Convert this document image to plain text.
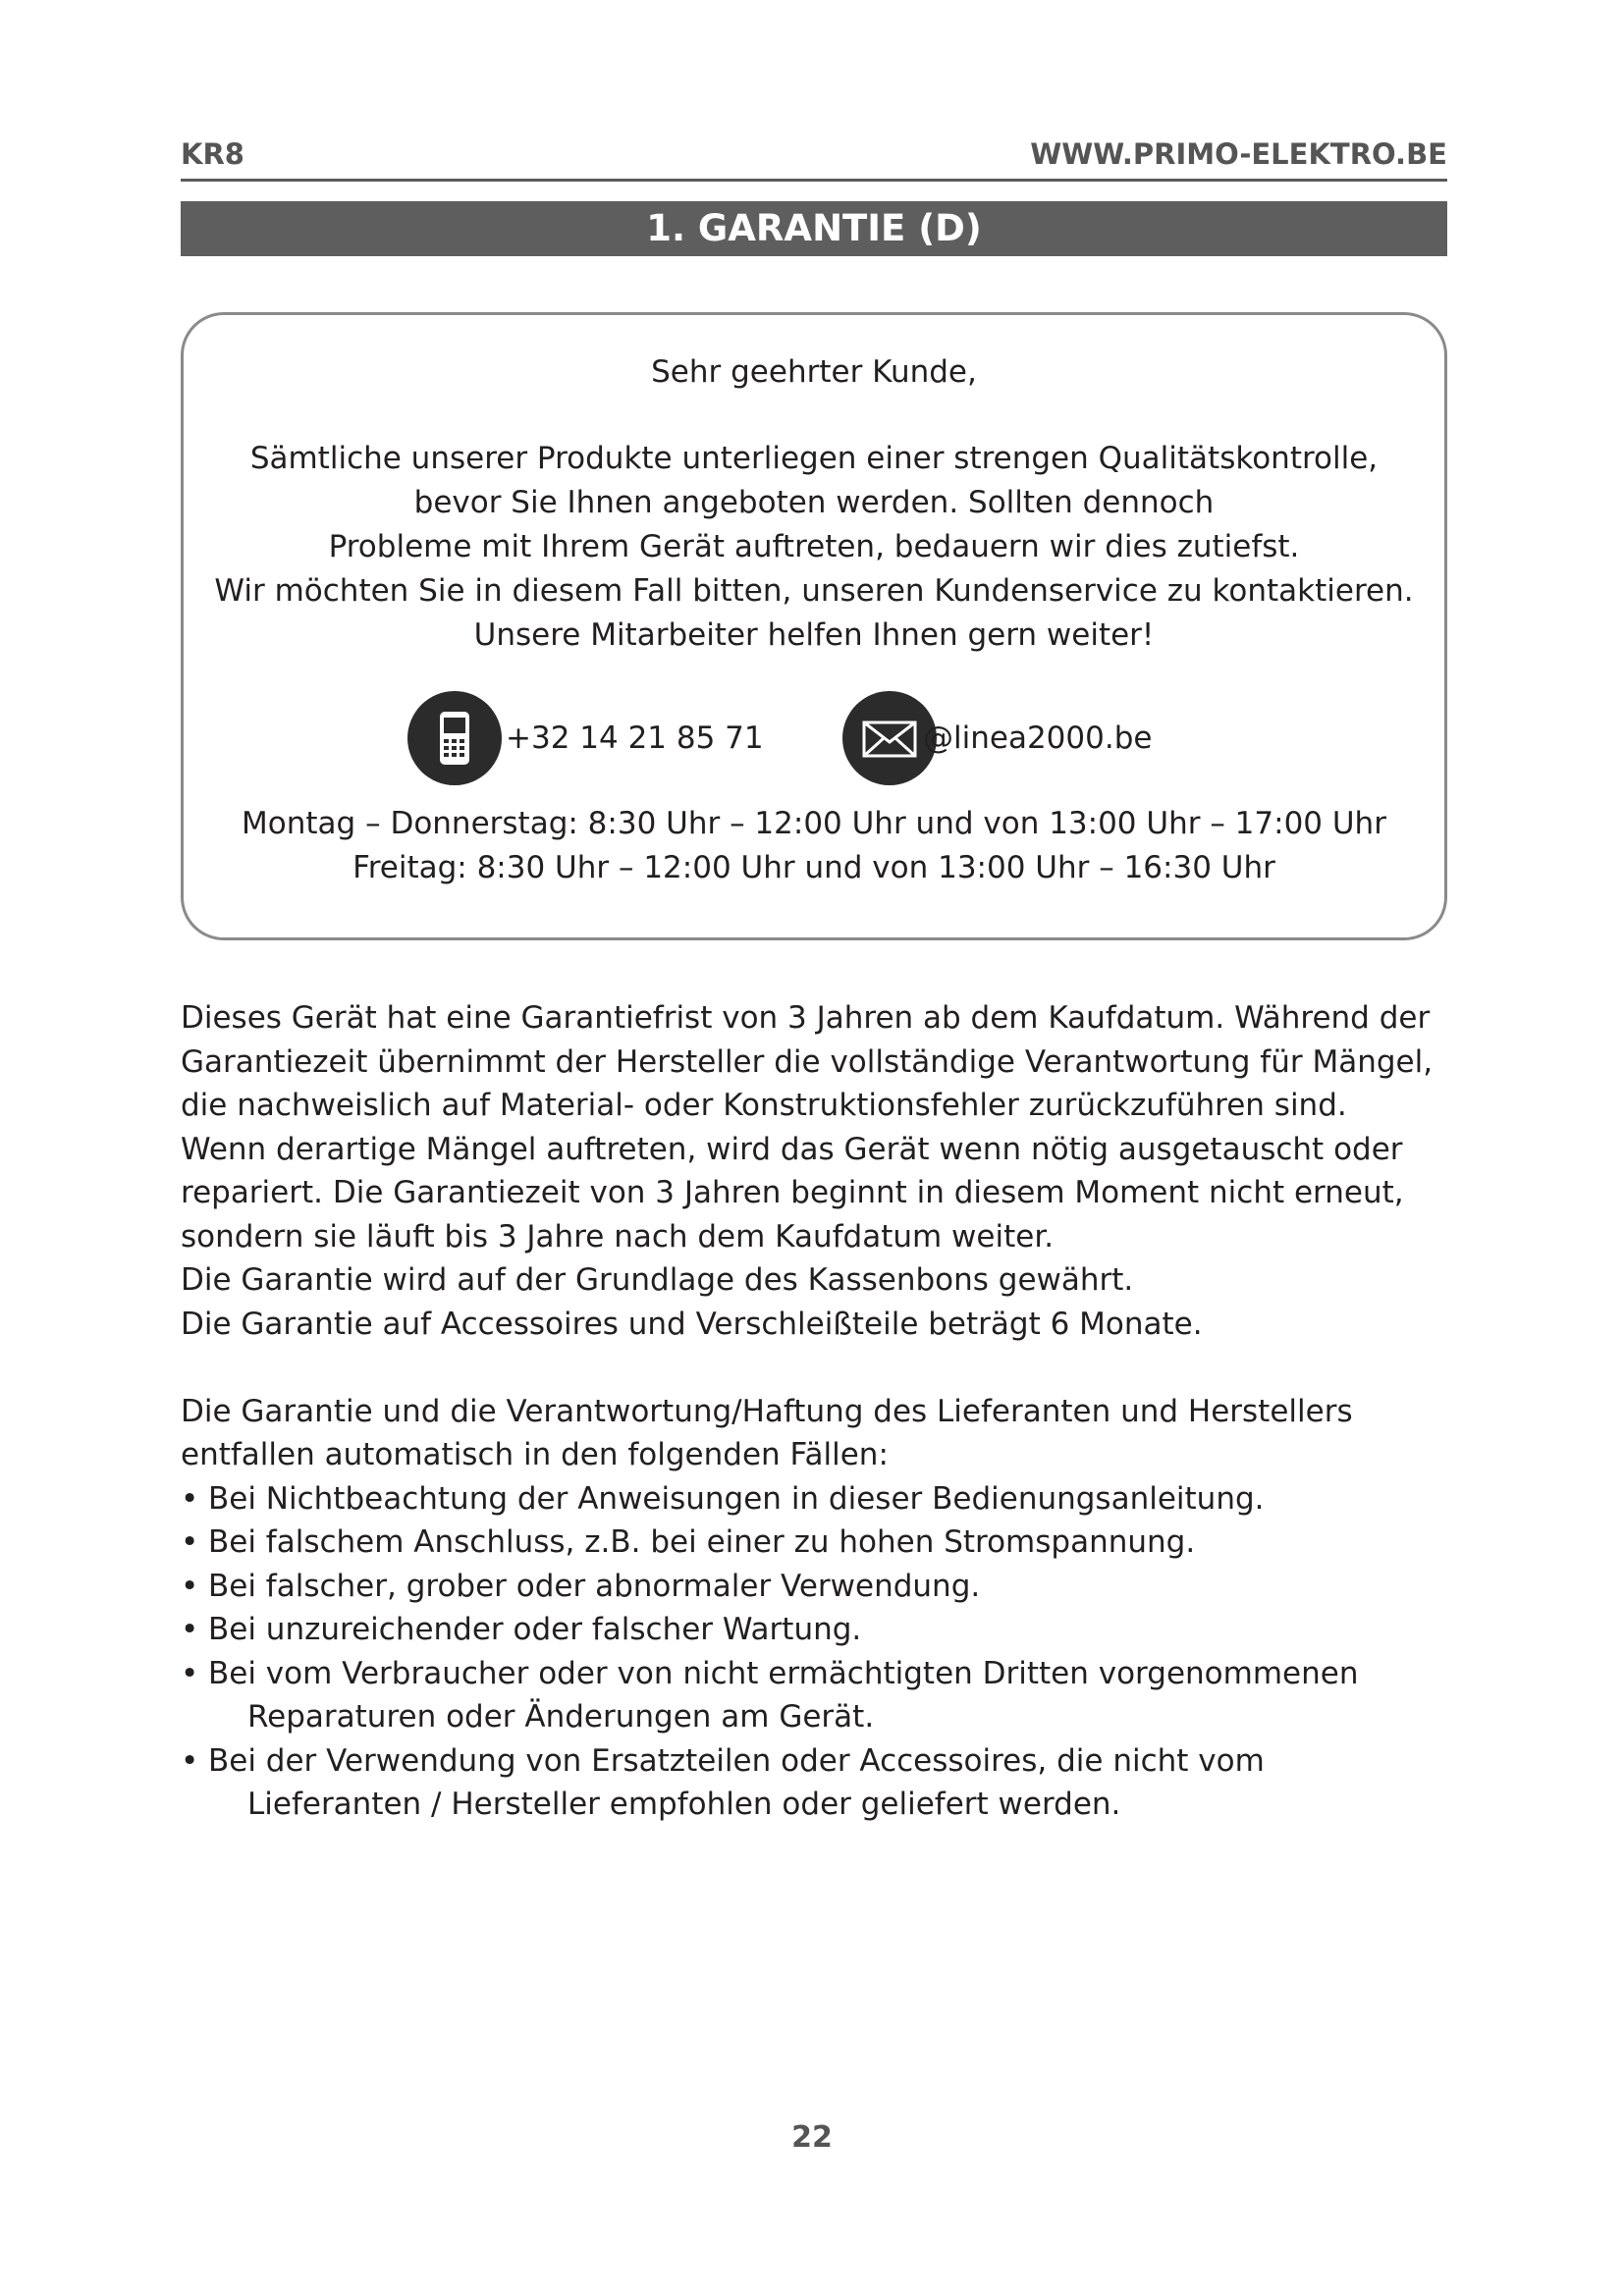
KR8	WWW.PRIMO-ELEKTRO.BE
1. GARANTIE (D)
Sehr geehrter Kunde,
Sämtliche unserer Produkte unterliegen einer strengen Qualitätskontrolle,
bevor Sie Ihnen angeboten werden. Sollten dennoch
Probleme mit Ihrem Gerät auftreten, bedauern wir dies zutiefst.
Wir möchten Sie in diesem Fall bitten, unseren Kundenservice zu kontaktieren.
Unsere Mitarbeiter helfen Ihnen gern weiter!
+32 14 21 85 71	@linea2000.be
Montag – Donnerstag: 8:30 Uhr – 12:00 Uhr und von 13:00 Uhr – 17:00 Uhr
Freitag: 8:30 Uhr – 12:00 Uhr und von 13:00 Uhr – 16:30 Uhr
Dieses Gerät hat eine Garantiefrist von 3 Jahren ab dem Kaufdatum. Während der
Garantiezeit übernimmt der Hersteller die vollständige Verantwortung für Mängel,
die nachweislich auf Material- oder Konstruktionsfehler zurückzuführen sind.
Wenn derartige Mängel auftreten, wird das Gerät wenn nötig ausgetauscht oder
repariert. Die Garantiezeit von 3 Jahren beginnt in diesem Moment nicht erneut,
sondern sie läuft bis 3 Jahre nach dem Kaufdatum weiter.
Die Garantie wird auf der Grundlage des Kassenbons gewährt.
Die Garantie auf Accessoires und Verschleißteile beträgt 6 Monate.
Die Garantie und die Verantwortung/Haftung des Lieferanten und Herstellers
entfallen automatisch in den folgenden Fällen:
• Bei Nichtbeachtung der Anweisungen in dieser Bedienungsanleitung.
• Bei falschem Anschluss, z.B. bei einer zu hohen Stromspannung.
• Bei falscher, grober oder abnormaler Verwendung.
• Bei unzureichender oder falscher Wartung.
• Bei vom Verbraucher oder von nicht ermächtigten Dritten vorgenommenen
Reparaturen oder Änderungen am Gerät.
• Bei der Verwendung von Ersatzteilen oder Accessoires, die nicht vom
Lieferanten / Hersteller empfohlen oder geliefert werden.
22
